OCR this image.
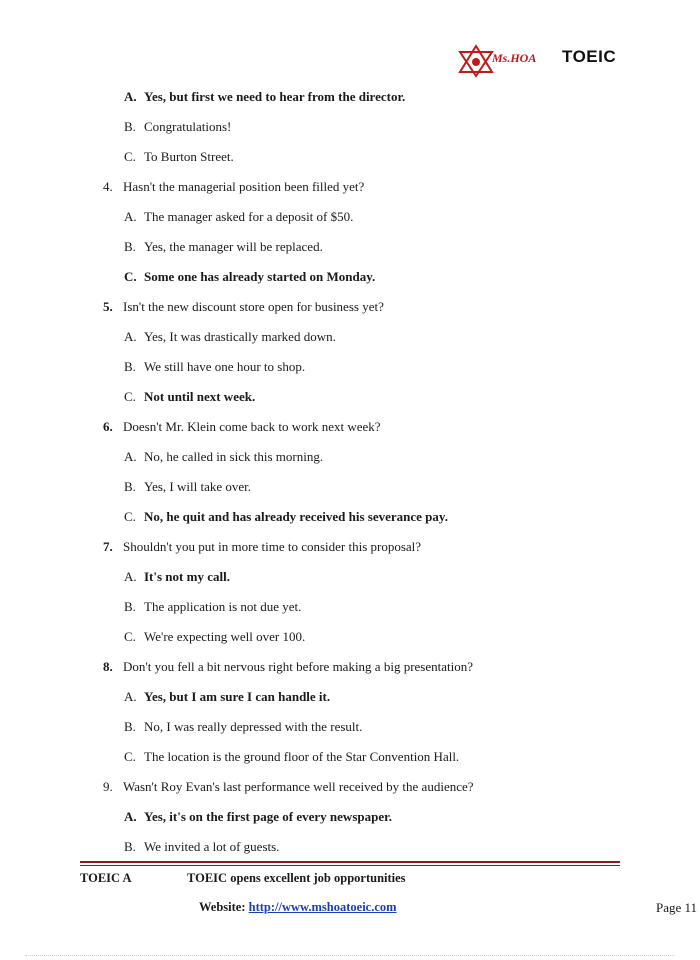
Ms.HOA TOEIC
A. Yes, but first we need to hear from the director.
B. Congratulations!
C. To Burton Street.
4. Hasn't the managerial position been filled yet?
A. The manager asked for a deposit of $50.
B. Yes, the manager will be replaced.
C. Some one has already started on Monday.
5. Isn't the new discount store open for business yet?
A. Yes, It was drastically marked down.
B. We still have one hour to shop.
C. Not until next week.
6. Doesn't Mr. Klein come back to work next week?
A. No, he called in sick this morning.
B. Yes, I will take over.
C. No, he quit and has already received his severance pay.
7. Shouldn't you put in more time to consider this proposal?
A. It's not my call.
B. The application is not due yet.
C. We're expecting well over 100.
8. Don't you fell a bit nervous right before making a big presentation?
A. Yes, but I am sure I can handle it.
B. No, I was really depressed with the result.
C. The location is the ground floor of the Star Convention Hall.
9. Wasn't Roy Evan's last performance well received by the audience?
A. Yes, it's on the first page of every newspaper.
B. We invited a lot of guests.
TOEIC A	TOEIC opens excellent job opportunities
Website: http://www.mshoatoeic.com	Page 11
